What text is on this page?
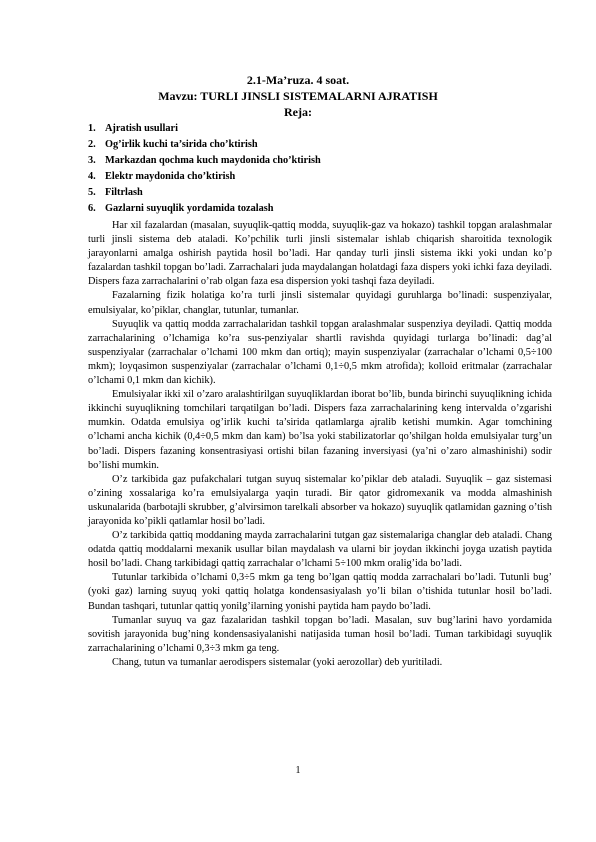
2.1-Ma’ruza. 4 soat.
Mavzu: TURLI JINSLI SISTEMALARNI AJRATISH
Reja:
1. Ajratish usullari
2. Og’irlik kuchi ta’sirida cho’ktirish
3. Markazdan qochma kuch maydonida cho’ktirish
4. Elektr maydonida cho’ktirish
5. Filtrlash
6. Gazlarni suyuqlik yordamida tozalash

Har xil fazalardan (masalan, suyuqlik-qattiq modda, suyuqlik-gaz va hokazo) tashkil topgan aralashmalar turli jinsli sistema deb ataladi. Ko’pchilik turli jinsli sistemalar ishlab chiqarish sharoitida texnologik jarayonlarni amalga oshirish paytida hosil bo’ladi. Har qanday turli jinsli sistema ikki yoki undan ko’p fazalardan tashkil topgan bo’ladi. Zarrachalari juda maydalangan holatdagi faza dispers yoki ichki faza deyiladi. Dispers faza zarrachalarini o’rab olgan faza esa dispersion yoki tashqi faza deyiladi.

Fazalarning fizik holatiga ko’ra turli jinsli sistemalar quyidagi guruhlarga bo’linadi: suspenziyalar, emulsiyalar, ko’piklar, changlar, tutunlar, tumanlar.

Suyuqlik va qattiq modda zarrachalaridan tashkil topgan aralashmalar suspenziya deyiladi. Qattiq modda zarrachalarining o’lchamiga ko’ra sus-penziyalar shartli ravishda quyidagi turlarga bo’linadi: dag’al suspenziyalar (zarrachalar o’lchami 100 mkm dan ortiq); mayin suspenziyalar (zarrachalar o’lchami 0,5÷100 mkm); loyqasimon suspenziyalar (zarrachalar o’lchami 0,1÷0,5 mkm atrofida); kolloid eritmalar (zarrachalar o’lchami 0,1 mkm dan kichik).

Emulsiyalar ikki xil o’zaro aralashtirilgan suyuqliklardan iborat bo’lib, bunda birinchi suyuqlikning ichida ikkinchi suyuqlikning tomchilari tarqatilgan bo’ladi. Dispers faza zarrachalarining keng intervalda o’zgarishi mumkin. Odatda emulsiya og’irlik kuchi ta’sirida qatlamlarga ajralib ketishi mumkin. Agar tomchining o’lchami ancha kichik (0,4÷0,5 mkm dan kam) bo’lsa yoki stabilizatorlar qo’shilgan holda emulsiyalar turg’un bo’ladi. Dispers fazaning konsentrasiyasi ortishi bilan fazaning inversiyasi (ya’ni o’zaro almashinishi) sodir bo’lishi mumkin.

O’z tarkibida gaz pufakchalari tutgan suyuq sistemalar ko’piklar deb ataladi. Suyuqlik – gaz sistemasi o’zining xossalariga ko’ra emulsiyalarga yaqin turadi. Bir qator gidromexanik va modda almashinish uskunalarida (barbotajli skrubber, g’alvirsimon tarelkali absorber va hokazo) suyuqlik qatlamidan gazning o’tish jarayonida ko’pikli qatlamlar hosil bo’ladi.

O’z tarkibida qattiq moddaning mayda zarrachalarini tutgan gaz sistemalariga changlar deb ataladi. Chang odatda qattiq moddalarni mexanik usullar bilan maydalash va ularni bir joydan ikkinchi joyga uzatish paytida hosil bo’ladi. Chang tarkibidagi qattiq zarrachalar o’lchami 5÷100 mkm oralig’ida bo’ladi.

Tutunlar tarkibida o’lchami 0,3÷5 mkm ga teng bo’lgan qattiq modda zarrachalari bo’ladi. Tutunli bug’ (yoki gaz) larning suyuq yoki qattiq holatga kondensasiyalash yo’li bilan o’tishida tutunlar hosil bo’ladi. Bundan tashqari, tutunlar qattiq yonilg’ilarning yonishi paytida ham paydo bo’ladi.

Tumanlar suyuq va gaz fazalaridan tashkil topgan bo’ladi. Masalan, suv bug’larini havo yordamida sovitish jarayonida bug’ning kondensasiyalanishi natijasida tuman hosil bo’ladi. Tuman tarkibidagi suyuqlik zarrachalarining o’lchami 0,3÷3 mkm ga teng.

Chang, tutun va tumanlar aerodispers sistemalar (yoki aerozollar) deb yuritiladi.

1
